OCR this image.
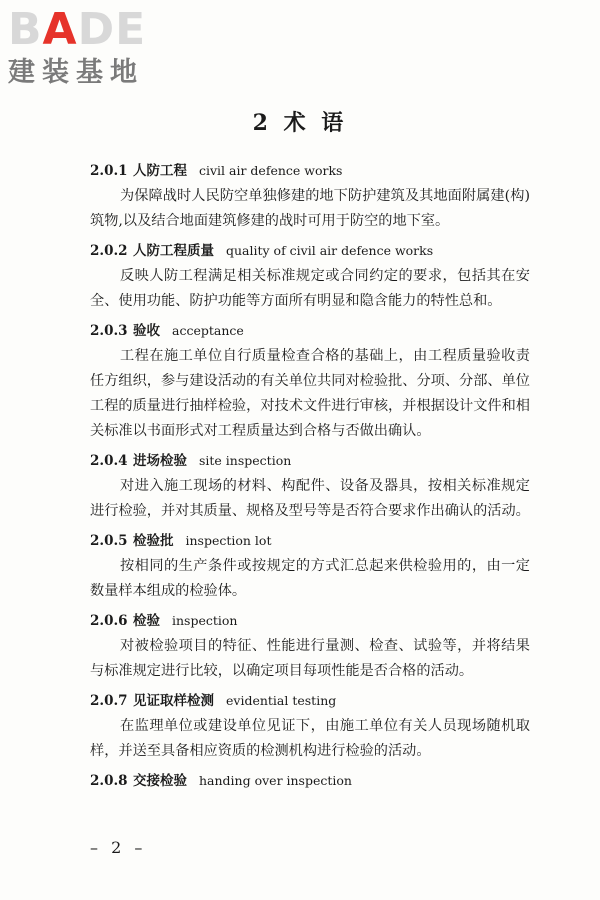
BADE
建装基地
2 术 语
2.0.1 人防工程 civil air defence works
为保障战时人民防空单独修建的地下防护建筑及其地面附属建(构)筑物,以及结合地面建筑修建的战时可用于防空的地下室。
2.0.2 人防工程质量 quality of civil air defence works
反映人防工程满足相关标准规定或合同约定的要求，包括其在安全、使用功能、防护功能等方面所有明显和隐含能力的特性总和。
2.0.3 验收 acceptance
工程在施工单位自行质量检查合格的基础上，由工程质量验收责任方组织，参与建设活动的有关单位共同对检验批、分项、分部、单位工程的质量进行抽样检验，对技术文件进行审核，并根据设计文件和相关标准以书面形式对工程质量达到合格与否做出确认。
2.0.4 进场检验 site inspection
对进入施工现场的材料、构配件、设备及器具，按相关标准规定进行检验，并对其质量、规格及型号等是否符合要求作出确认的活动。
2.0.5 检验批 inspection lot
按相同的生产条件或按规定的方式汇总起来供检验用的，由一定数量样本组成的检验体。
2.0.6 检验 inspection
对被检验项目的特征、性能进行量测、检查、试验等，并将结果与标准规定进行比较，以确定项目每项性能是否合格的活动。
2.0.7 见证取样检测 evidential testing
在监理单位或建设单位见证下，由施工单位有关人员现场随机取样，并送至具备相应资质的检测机构进行检验的活动。
2.0.8 交接检验 handing over inspection
– 2 –
